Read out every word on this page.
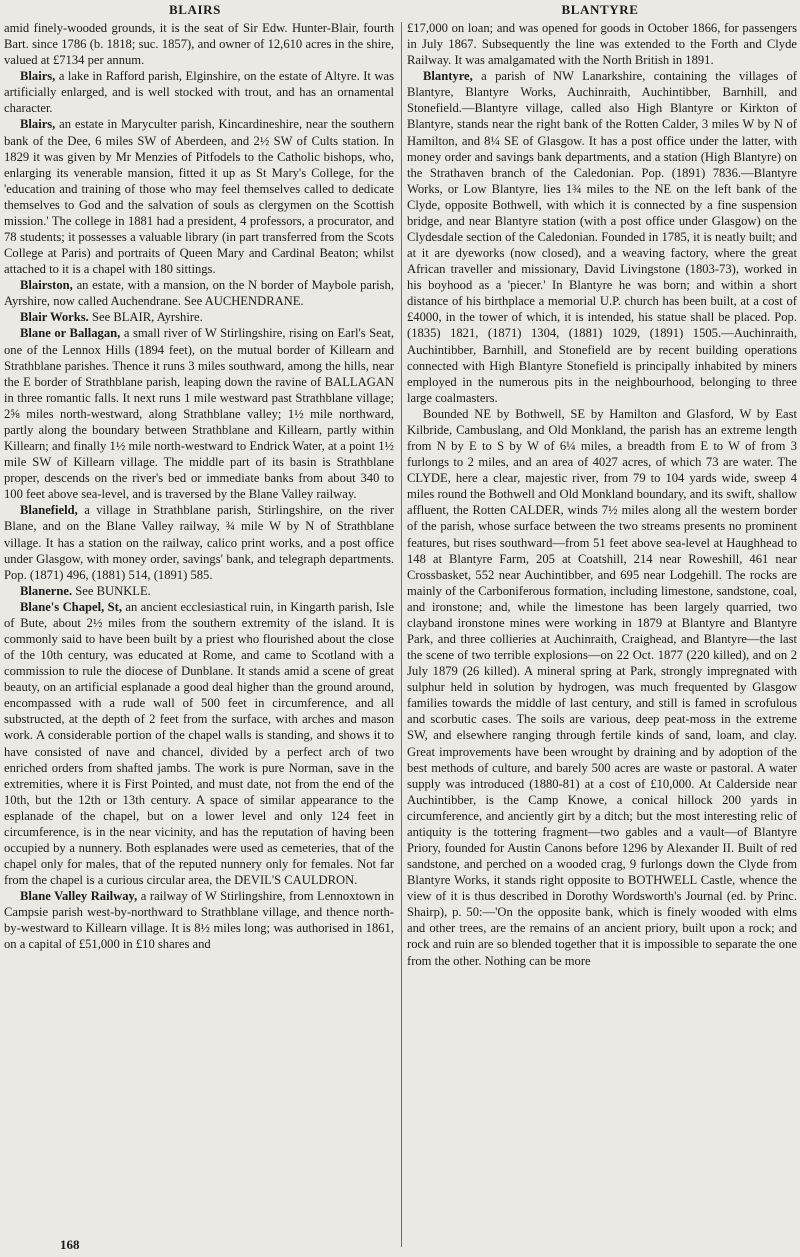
BLAIRS	BLANTYRE

amid finely-wooded grounds, it is the seat of Sir Edw. Hunter-Blair, fourth Bart. since 1786 (b. 1818; suc. 1857), and owner of 12,610 acres in the shire, valued at £7134 per annum.

Blairs, a lake in Rafford parish, Elginshire, on the estate of Altyre. It was artificially enlarged, and is well stocked with trout, and has an ornamental character.

Blairs, an estate in Maryculter parish, Kincardineshire, near the southern bank of the Dee, 6 miles SW of Aberdeen, and 2½ SW of Cults station. In 1829 it was given by Mr Menzies of Pitfodels to the Catholic bishops, who, enlarging its venerable mansion, fitted it up as St Mary's College, for the 'education and training of those who may feel themselves called to dedicate themselves to God and the salvation of souls as clergymen on the Scottish mission.' The college in 1881 had a president, 4 professors, a procurator, and 78 students; it possesses a valuable library (in part transferred from the Scots College at Paris) and portraits of Queen Mary and Cardinal Beaton; whilst attached to it is a chapel with 180 sittings.

Blairston, an estate, with a mansion, on the N border of Maybole parish, Ayrshire, now called Auchendrane. See AUCHENDRANE.

Blair Works. See BLAIR, Ayrshire.

Blane or Ballagan, a small river of W Stirlingshire, rising on Earl's Seat, one of the Lennox Hills (1894 feet), on the mutual border of Killearn and Strathblane parishes. Thence it runs 3 miles southward, among the hills, near the E border of Strathblane parish, leaping down the ravine of BALLAGAN in three romantic falls. It next runs 1 mile westward past Strathblane village; 2⅝ miles north-westward, along Strathblane valley; 1½ mile northward, partly along the boundary between Strathblane and Killearn, partly within Killearn; and finally 1½ mile north-westward to Endrick Water, at a point 1½ mile SW of Killearn village. The middle part of its basin is Strathblane proper, descends on the river's bed or immediate banks from about 340 to 100 feet above sea-level, and is traversed by the Blane Valley railway.

Blanefield, a village in Strathblane parish, Stirlingshire, on the river Blane, and on the Blane Valley railway, ¾ mile W by N of Strathblane village. It has a station on the railway, calico print works, and a post office under Glasgow, with money order, savings' bank, and telegraph departments. Pop. (1871) 496, (1881) 514, (1891) 585.

Blanerne. See BUNKLE.

Blane's Chapel, St, an ancient ecclesiastical ruin, in Kingarth parish, Isle of Bute, about 2½ miles from the southern extremity of the island. It is commonly said to have been built by a priest who flourished about the close of the 10th century, was educated at Rome, and came to Scotland with a commission to rule the diocese of Dunblane. It stands amid a scene of great beauty, on an artificial esplanade a good deal higher than the ground around, encompassed with a rude wall of 500 feet in circumference, and all substructed, at the depth of 2 feet from the surface, with arches and mason work. A considerable portion of the chapel walls is standing, and shows it to have consisted of nave and chancel, divided by a perfect arch of two enriched orders from shafted jambs. The work is pure Norman, save in the extremities, where it is First Pointed, and must date, not from the end of the 10th, but the 12th or 13th century. A space of similar appearance to the esplanade of the chapel, but on a lower level and only 124 feet in circumference, is in the near vicinity, and has the reputation of having been occupied by a nunnery. Both esplanades were used as cemeteries, that of the chapel only for males, that of the reputed nunnery only for females. Not far from the chapel is a curious circular area, the DEVIL'S CAULDRON.

Blane Valley Railway, a railway of W Stirlingshire, from Lennoxtown in Campsie parish west-by-northward to Strathblane village, and thence north-by-westward to Killearn village. It is 8½ miles long; was authorised in 1861, on a capital of £51,000 in £10 shares and

£17,000 on loan; and was opened for goods in October 1866, for passengers in July 1867. Subsequently the line was extended to the Forth and Clyde Railway. It was amalgamated with the North British in 1891.

Blantyre, a parish of NW Lanarkshire, containing the villages of Blantyre, Blantyre Works, Auchinraith, Auchintibber, Barnhill, and Stonefield.—Blantyre village, called also High Blantyre or Kirkton of Blantyre, stands near the right bank of the Rotten Calder, 3 miles W by N of Hamilton, and 8¼ SE of Glasgow. It has a post office under the latter, with money order and savings bank departments, and a station (High Blantyre) on the Strathaven branch of the Caledonian. Pop. (1891) 7836.—Blantyre Works, or Low Blantyre, lies 1¾ miles to the NE on the left bank of the Clyde, opposite Bothwell, with which it is connected by a fine suspension bridge, and near Blantyre station (with a post office under Glasgow) on the Clydesdale section of the Caledonian. Founded in 1785, it is neatly built; and at it are dyeworks (now closed), and a weaving factory, where the great African traveller and missionary, David Livingstone (1803-73), worked in his boyhood as a 'piecer.' In Blantyre he was born; and within a short distance of his birthplace a memorial U.P. church has been built, at a cost of £4000, in the tower of which, it is intended, his statue shall be placed. Pop. (1835) 1821, (1871) 1304, (1881) 1029, (1891) 1505.—Auchinraith, Auchintibber, Barnhill, and Stonefield are by recent building operations connected with High Blantyre Stonefield is principally inhabited by miners employed in the numerous pits in the neighbourhood, belonging to three large coalmasters.

Bounded NE by Bothwell, SE by Hamilton and Glasford, W by East Kilbride, Cambuslang, and Old Monkland, the parish has an extreme length from N by E to S by W of 6¼ miles, a breadth from E to W of from 3 furlongs to 2 miles, and an area of 4027 acres, of which 73 are water. The CLYDE, here a clear, majestic river, from 79 to 104 yards wide, sweep 4 miles round the Bothwell and Old Monkland boundary, and its swift, shallow affluent, the Rotten CALDER, winds 7½ miles along all the western border of the parish, whose surface between the two streams presents no prominent features, but rises southward—from 51 feet above sea-level at Haughhead to 148 at Blantyre Farm, 205 at Coatshill, 214 near Roweshill, 461 near Crossbasket, 552 near Auchintibber, and 695 near Lodgehill. The rocks are mainly of the Carboniferous formation, including limestone, sandstone, coal, and ironstone; and, while the limestone has been largely quarried, two clayband ironstone mines were working in 1879 at Blantyre and Blantyre Park, and three collieries at Auchinraith, Craighead, and Blantyre—the last the scene of two terrible explosions—on 22 Oct. 1877 (220 killed), and on 2 July 1879 (26 killed). A mineral spring at Park, strongly impregnated with sulphur held in solution by hydrogen, was much frequented by Glasgow families towards the middle of last century, and still is famed in scrofulous and scorbutic cases. The soils are various, deep peat-moss in the extreme SW, and elsewhere ranging through fertile kinds of sand, loam, and clay. Great improvements have been wrought by draining and by adoption of the best methods of culture, and barely 500 acres are waste or pastoral. A water supply was introduced (1880-81) at a cost of £10,000. At Calderside near Auchintibber, is the Camp Knowe, a conical hillock 200 yards in circumference, and anciently girt by a ditch; but the most interesting relic of antiquity is the tottering fragment—two gables and a vault—of Blantyre Priory, founded for Austin Canons before 1296 by Alexander II. Built of red sandstone, and perched on a wooded crag, 9 furlongs down the Clyde from Blantyre Works, it stands right opposite to BOTHWELL Castle, whence the view of it is thus described in Dorothy Wordsworth's Journal (ed. by Princ. Shairp), p. 50:—'On the opposite bank, which is finely wooded with elms and other trees, are the remains of an ancient priory, built upon a rock; and rock and ruin are so blended together that it is impossible to separate the one from the other. Nothing can be more

168
